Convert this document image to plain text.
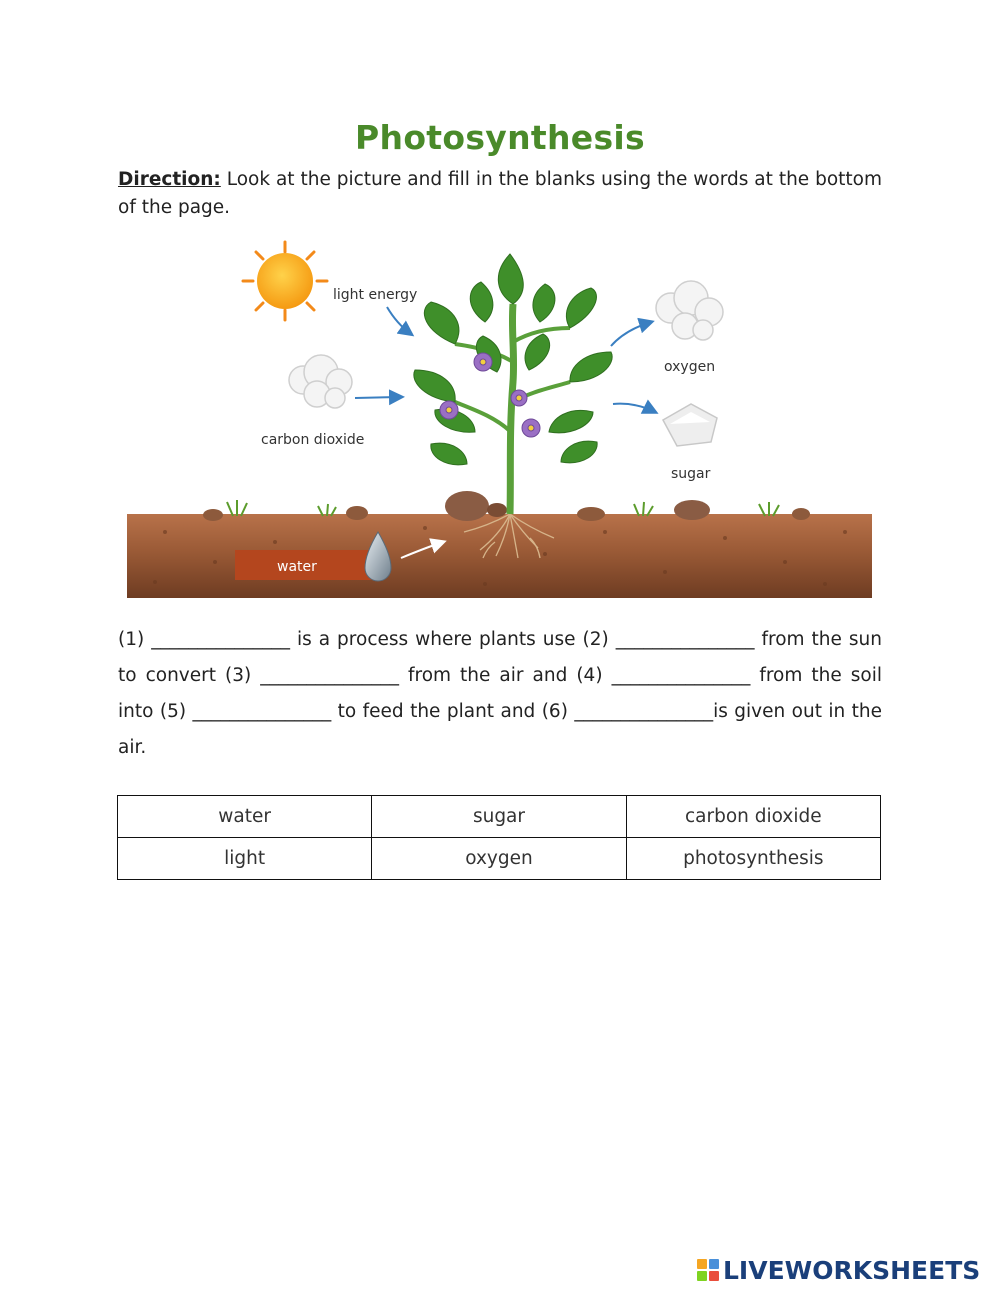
Photosynthesis
Direction: Look at the picture and fill in the blanks using the words at the bottom of the page.
light energy
carbon dioxide
oxygen
sugar
water
(1) _______________ is a process where plants use (2) _______________ from the sun to convert (3) _______________ from the air and (4) _______________ from the soil into (5) _______________ to feed the plant and (6) _______________is given out in the air.
water	sugar	carbon dioxide
light	oxygen	photosynthesis
LIVEWORKSHEETS
